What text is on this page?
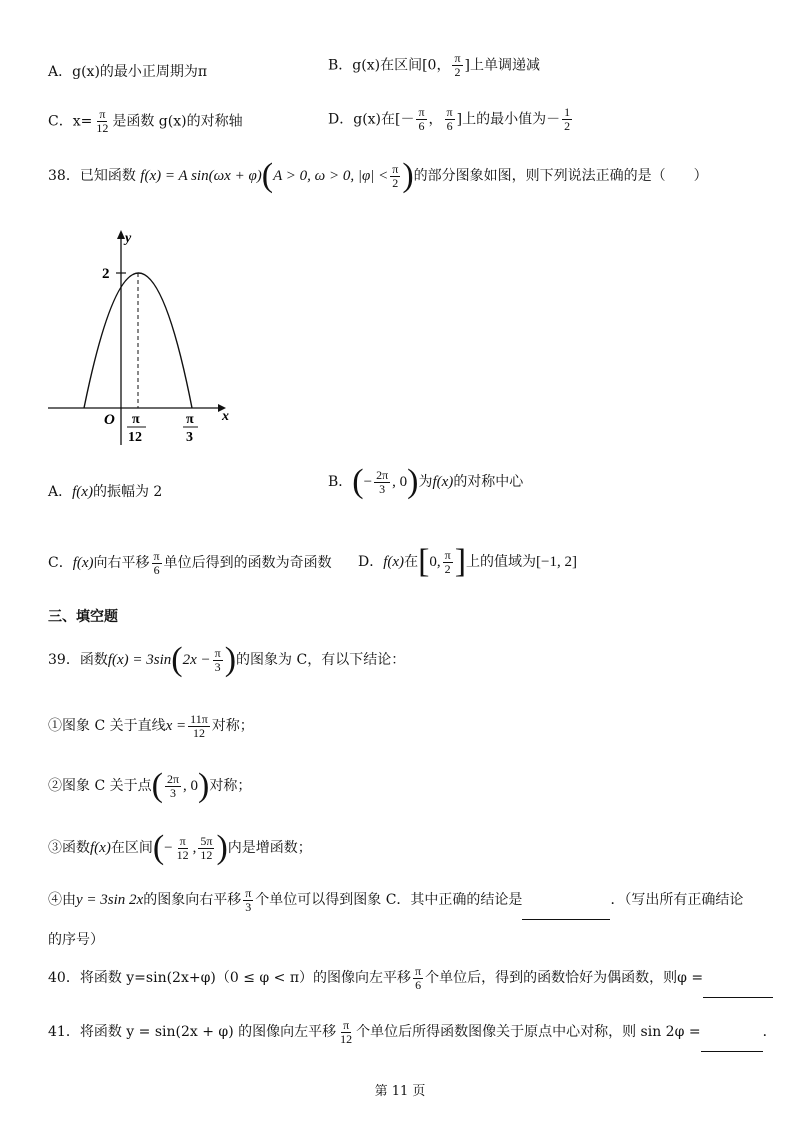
A．g(x)的最小正周期为π	B．g(x)在区间[0， $\frac{\pi}{2}$ ]上单调递减
C．$x= \frac{\pi}{12}$ 是函数 g(x)的对称轴	D．g(x)在[－ $\frac{\pi}{6}$ ， $\frac{\pi}{6}$ ]上的最小值为－ $\frac{1}{2}$
38．已知函数 f(x) = A sin(ωx + φ)(A > 0, ω > 0, $|\varphi| < \frac{\pi}{2}$ )的部分图象如图，则下列说法正确的是（　　）
2
y
x
O π
12
π
3
A．f(x)的振幅为 2
B．(− $\frac{2\pi}{3}$ , 0)为f(x)的对称中心
C．f(x)向右平移 $\frac{\pi}{6}$ 单位后得到的函数为奇函数 D．f(x)在[0, $\frac{\pi}{2}$ ]上的值域为[−1, 2]
三、填空题
39．函数$f(x) = 3\sin(2x - \frac{\pi}{3}$ )的图象为 C，有以下结论：
①图象 C 关于直线$x = \frac{11\pi}{12}$ 对称；
②图象 C 关于点( $\frac{2\pi}{3}$ , 0)对称；
③函数f(x)在区间(− $\frac{\pi}{12}$ , $\frac{5\pi}{12}$ )内是增函数；
④由y = 3sin 2x的图象向右平移 $\frac{\pi}{3}$ 个单位可以得到图象 C．其中正确的结论是	．（写出所有正确结论
的序号）
40．将函数 y=sin(2x+φ)（0 ≤ φ < π）的图像向左平移 $\frac{\pi}{6}$ 个单位后，得到的函数恰好为偶函数，则φ =
41．将函数 y = sin(2x + φ) 的图像向左平移 $\frac{\pi}{12}$ 个单位后所得函数图像关于原点中心对称，则 sin 2φ =	．
第 11 页
